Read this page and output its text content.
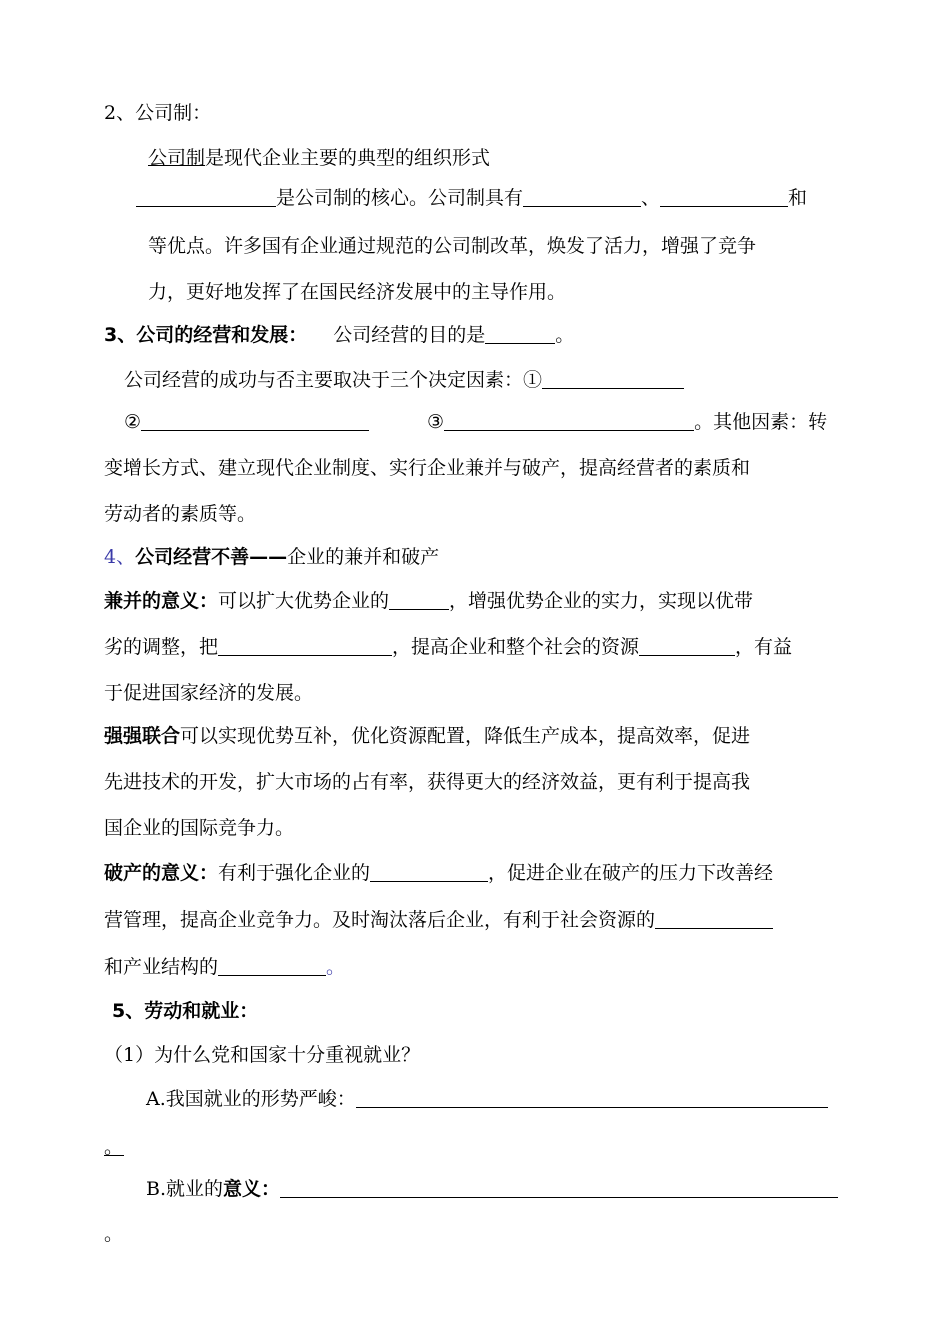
2、公司制：
公司制是现代企业主要的典型的组织形式
是公司制的核心。公司制具有	、	和
等优点。许多国有企业通过规范的公司制改革，焕发了活力，增强了竞争
力，更好地发挥了在国民经济发展中的主导作用。
3、公司的经营和发展： 公司经营的目的是	。
公司经营的成功与否主要取决于三个决定因素：①
②	③	。其他因素：转
变增长方式、建立现代企业制度、实行企业兼并与破产，提高经营者的素质和
劳动者的素质等。
4、公司经营不善——企业的兼并和破产
兼并的意义：可以扩大优势企业的	，增强优势企业的实力，实现以优带
劣的调整，把	，提高企业和整个社会的资源	，有益
于促进国家经济的发展。
强强联合可以实现优势互补，优化资源配置，降低生产成本，提高效率，促进
先进技术的开发，扩大市场的占有率，获得更大的经济效益，更有利于提高我
国企业的国际竞争力。
破产的意义：有利于强化企业的	，促进企业在破产的压力下改善经
营管理，提高企业竞争力。及时淘汰落后企业，有利于社会资源的
和产业结构的	。
5、劳动和就业：
（1）为什么党和国家十分重视就业？
A.我国就业的形势严峻：
。
B.就业的意义：
。
